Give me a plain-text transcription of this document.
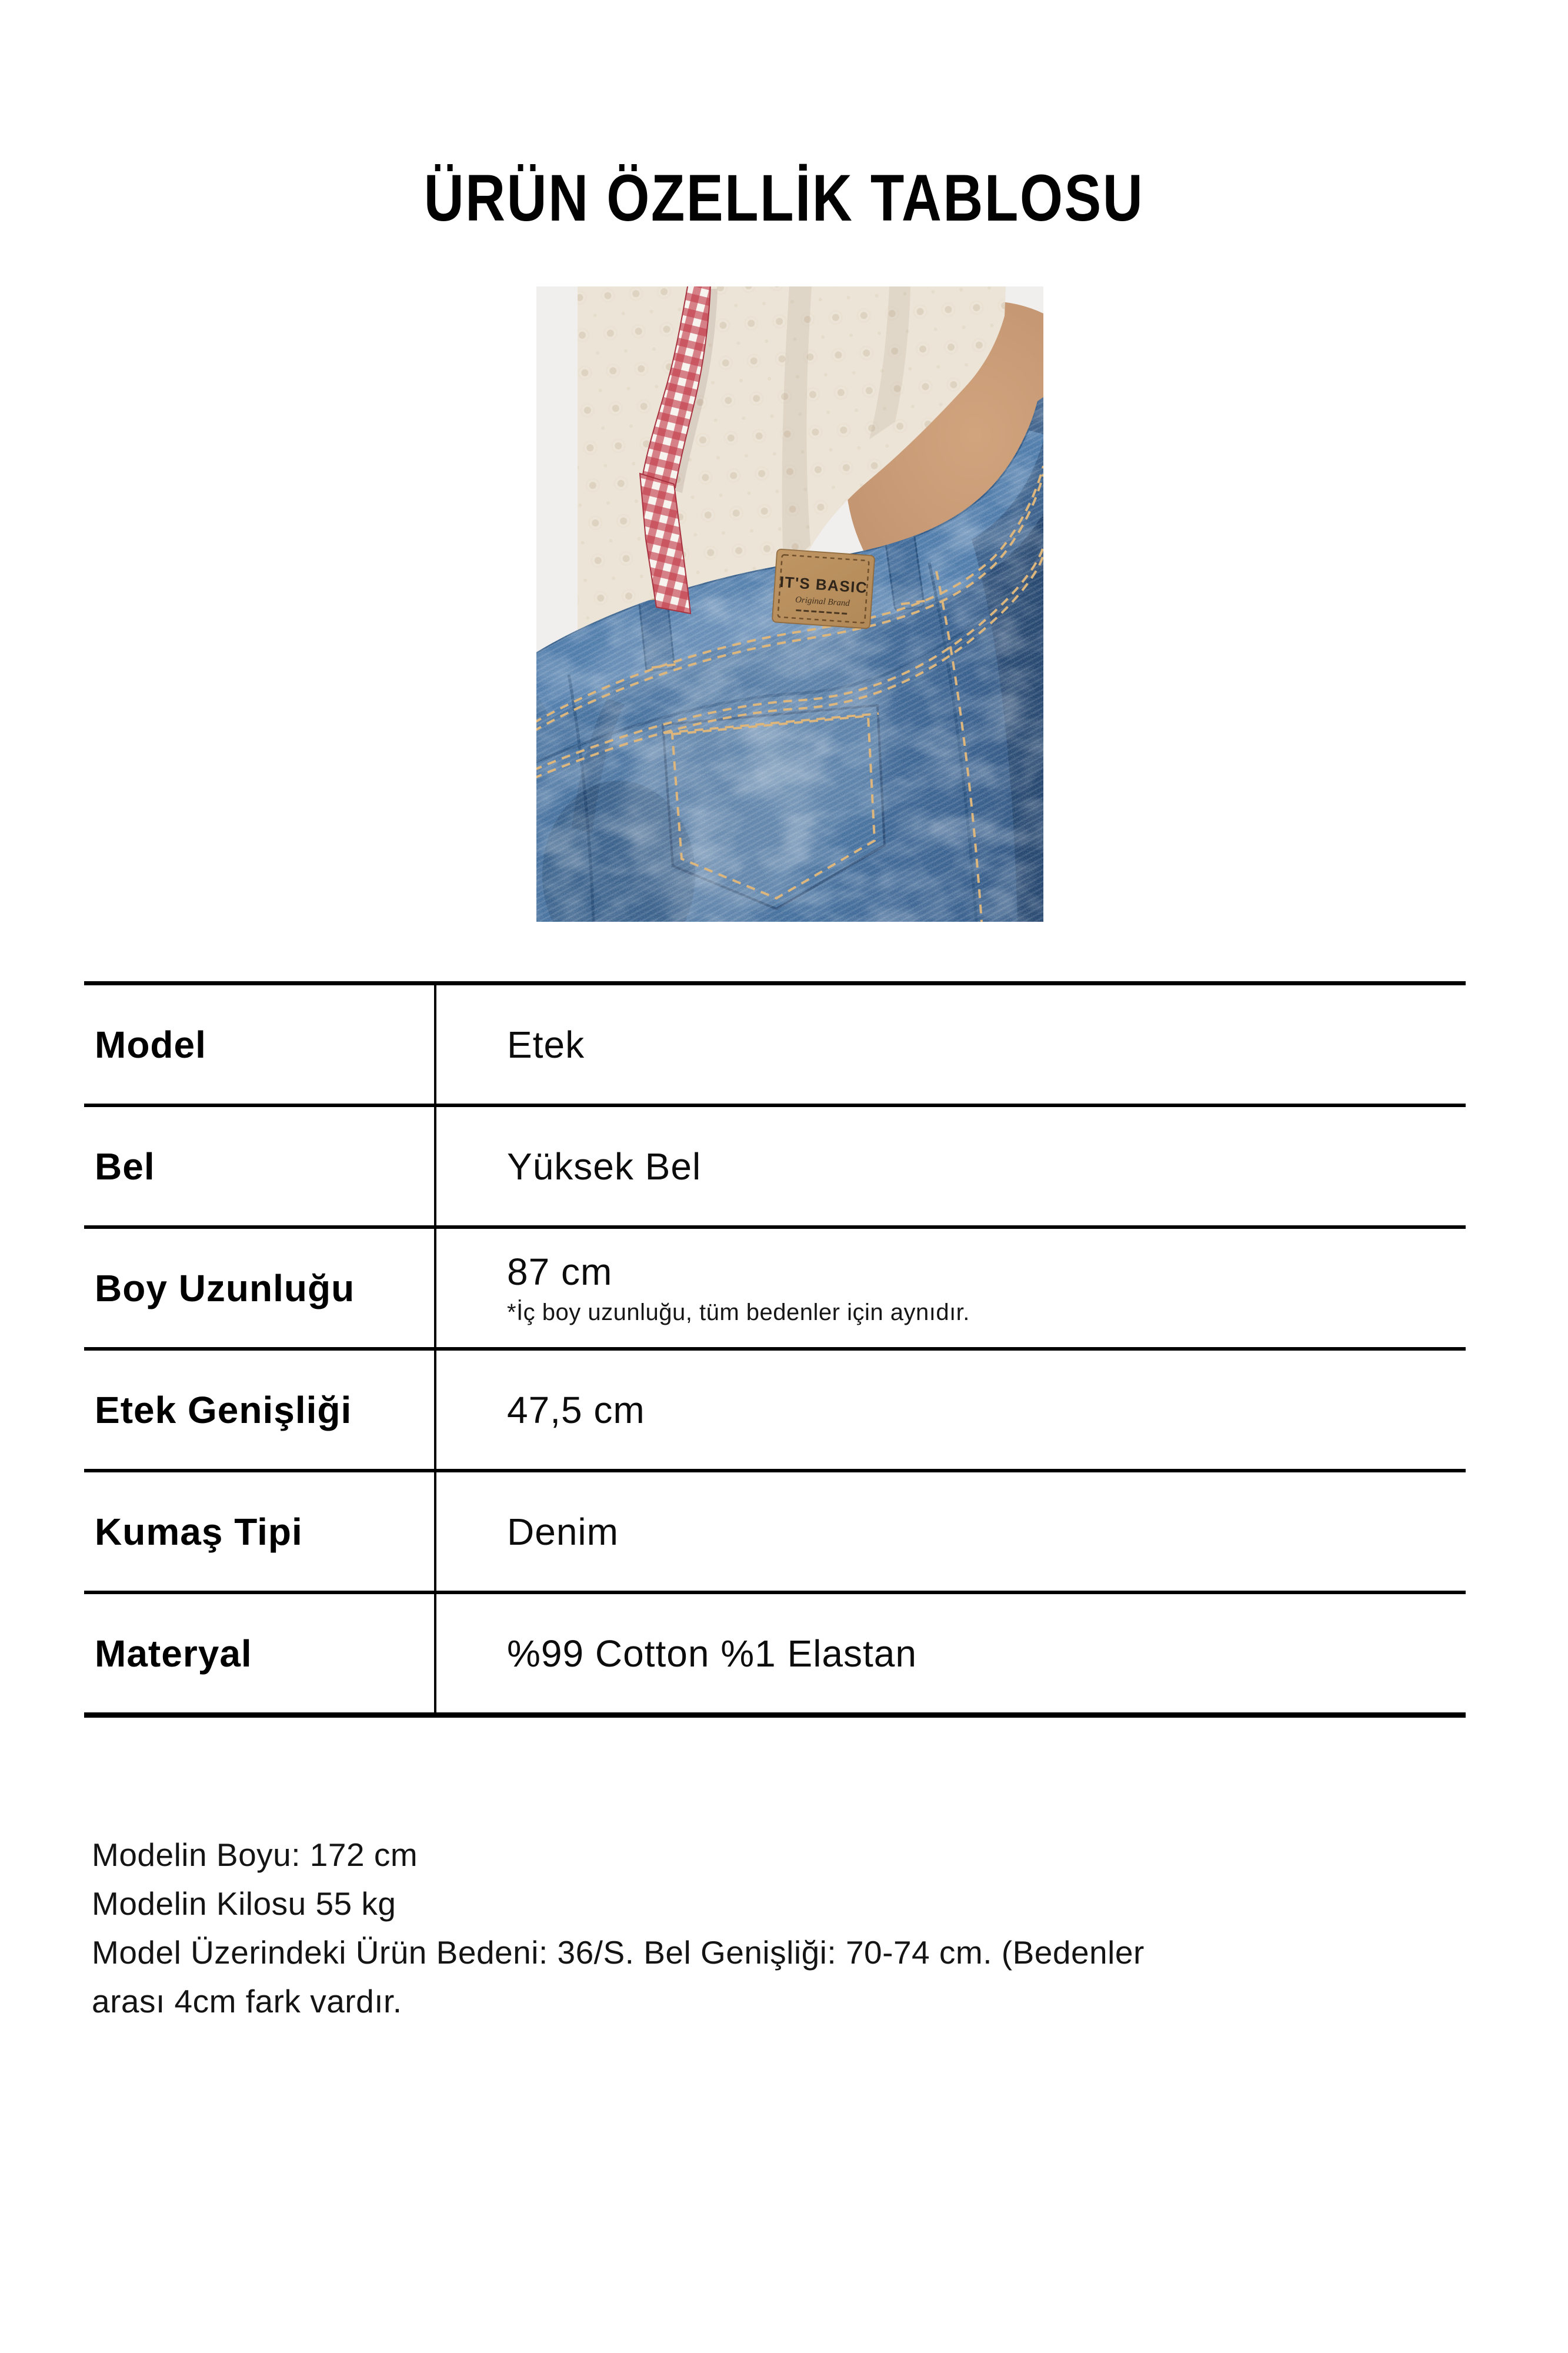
ÜRÜN ÖZELLİK TABLOSU
IT'S BASIC
Original Brand
Model	Etek
Bel	Yüksek Bel
Boy Uzunluğu	87 cm
*İç boy uzunluğu, tüm bedenler için aynıdır.
Etek Genişliği	47,5 cm
Kumaş Tipi	Denim
Materyal	%99 Cotton %1 Elastan
Modelin Boyu: 172 cm
Modelin Kilosu 55 kg
Model Üzerindeki Ürün Bedeni: 36/S. Bel Genişliği: 70-74 cm. (Bedenler
arası 4cm fark vardır.
